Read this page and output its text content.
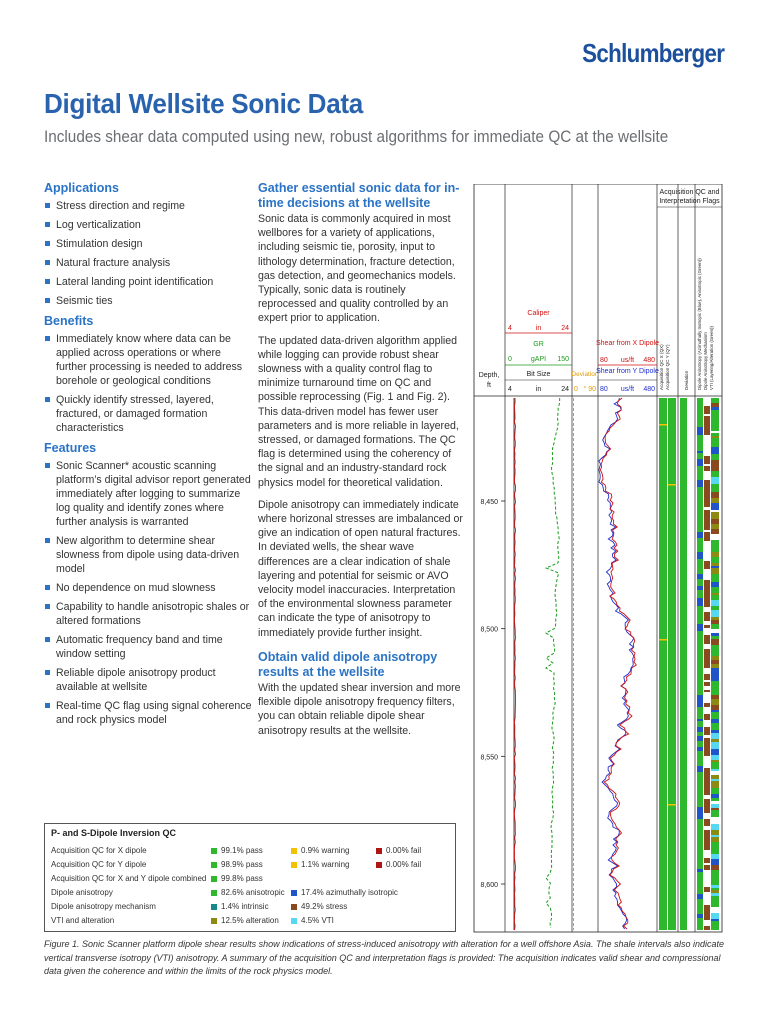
Schlumberger
Digital Wellsite Sonic Data
Includes shear data computed using new, robust algorithms for immediate QC at the wellsite
Applications
Stress direction and regime
Log verticalization
Stimulation design
Natural fracture analysis
Lateral landing point identification
Seismic ties
Benefits
Immediately know where data can be applied across operations or where further processing is needed to address borehole or geological conditions
Quickly identify stressed, layered, fractured, or damaged formation characteristics
Features
Sonic Scanner* acoustic scanning platform’s digital advisor report generated immediately after logging to summarize log quality and identify zones where further analysis is warranted
New algorithm to determine shear slowness from dipole using data-driven model
No dependence on mud slowness
Capability to handle anisotropic shales or altered formations
Automatic frequency band and time window setting
Reliable dipole anisotropy product available at wellsite
Real-time QC flag using signal coherence and rock physics model
Gather essential sonic data for in-time decisions at the wellsite

Sonic data is commonly acquired in most wellbores for a variety of applications, including seismic tie, porosity, input to lithology determination, fracture detection, gas detection, and geomechanics models. Typically, sonic data is routinely reprocessed and quality controlled by an expert prior to application.

The updated data-driven algorithm applied while logging can provide robust shear slowness with a quality control flag to minimize turnaround time on QC and possible reprocessing (Fig. 1 and Fig. 2). This data-driven model has fewer user parameters and is more reliable in layered, stressed, or damaged formations. The QC flag is determined using the coherency of the signal and an industry-standard rock physics model for theoretical validation.

Dipole anisotropy can immediately indicate where horizonal stresses are imbalanced or give an indication of open natural fractures. In deviated wells, the shear wave differences are a clear indication of shale layering and potential for seismic or AVO velocity model inaccuracies. Interpretation of the environmental slowness parameter can indicate the type of anisotropy to immediately provide further insight.

Obtain valid dipole anisotropy results at the wellsite

With the updated shear inversion and more flexible dipole anisotropy frequency filters, you can obtain reliable dipole shear anisotropy results at the wellsite.

Acquisition QC and
Interpretation Flags
Depth,
ft
Caliper
4	in	24
GR
0	gAPI 150
Bit Size
4	in	24
Deviation
0 ° 90
Shear from X Dipole
80 us/ft 480
Shear from Y Dipole
80 us/ft 480 Acquisition QC X (QX) Acquisition QC Y (QY)	Deviation Dipole Anisotropy (Azimuthally Isotropic (Blue), Anisotropic (Green)) Dipole Anisotropy Mechanism VTI (Layering/Alteration (Green))
8,450
8,500
8,550
8,600
P- and S-Dipole Inversion QC
Acquisition QC for X dipole	99.1% pass	0.9% warning	0.00% fail
Acquisition QC for Y dipole	98.9% pass	1.1% warning	0.00% fail
Acquisition QC for X and Y dipole combined	99.8% pass
Dipole anisotropy	82.6% anisotropic	17.4% azimuthally isotropic
Dipole anisotropy mechanism	1.4% intrinsic	49.2% stress
VTI and alteration	12.5% alteration	4.5% VTI
Figure 1. Sonic Scanner platform dipole shear results show indications of stress-induced anisotropy with alteration for a well offshore Asia. The shale intervals also indicate vertical transverse isotropy (VTI) anisotropy. A summary of the acquisition QC and interpretation flags is provided: The acquisition indicates valid shear and compressional data given the coherence and within the limits of the rock physics model.
